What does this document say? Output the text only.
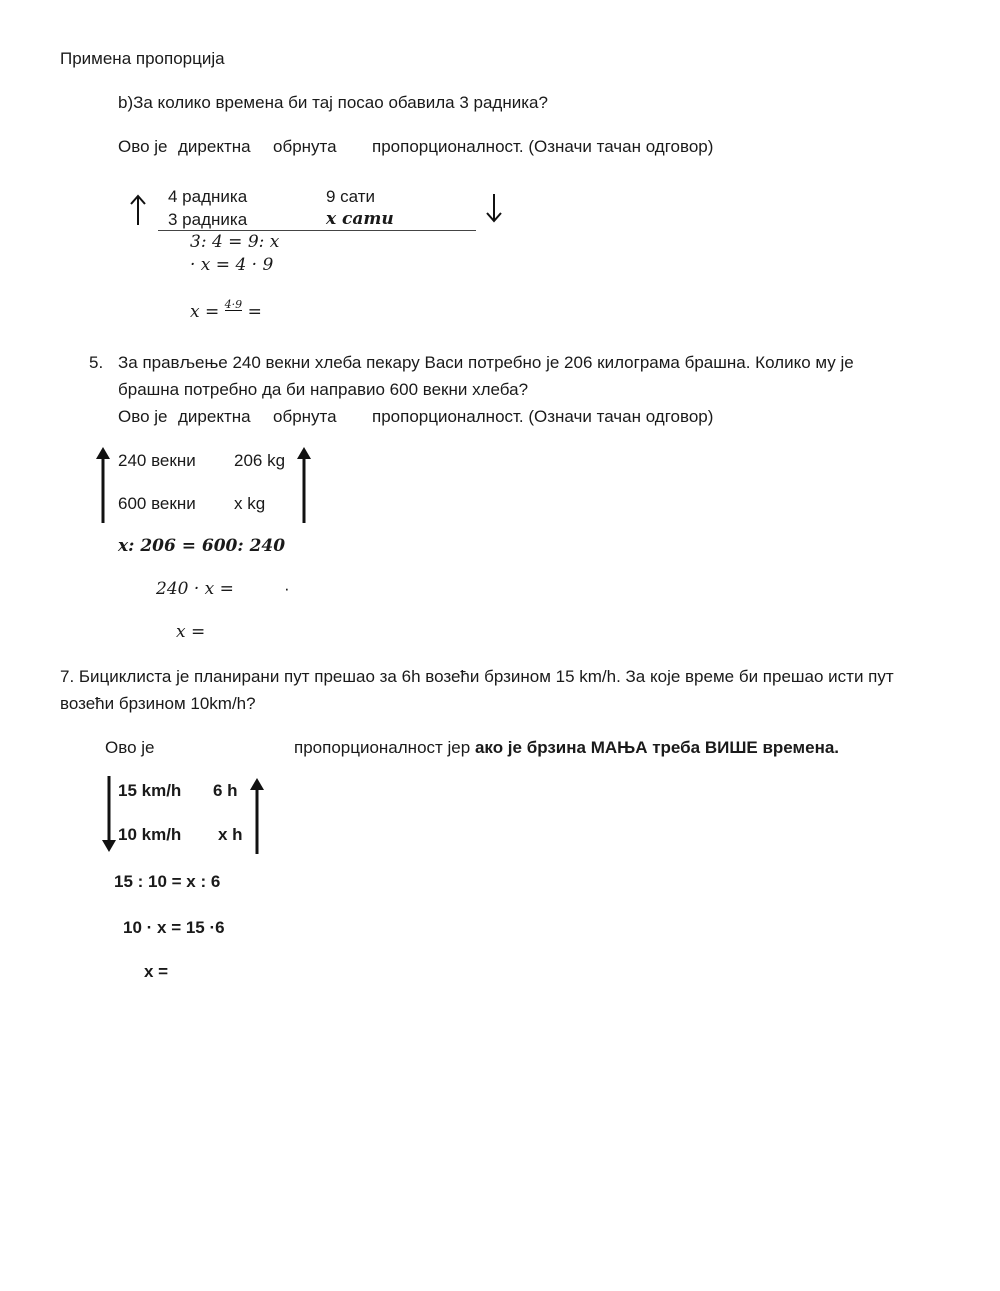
Примена пропорција
b)За колико времена би тај посао обавила 3 радника?
Ово је директна обрнута пропорционалност. (Означи тачан одговор)
4 радника	9 сати
3 радника	x сати
3: 4 = 9: x
· x = 4 · 9
x = 4·9 =
5. За прављење 240 векни хлеба пекару Васи потребно је 206 килограма брашна. Колико му је
брашна потребно да би направио 600 векни хлеба?
Ово је директна обрнута пропорционалност. (Означи тачан одговор)
240 векни 206 kg
600 векни x kg
x: 206 = 600: 240
240 · x =	·
x =
7. Бициклиста је планирани пут прешао за 6h возећи брзином 15 km/h. За које време би прешао исти пут
возећи брзином 10km/h?
Ово је	пропорционалност јер ако је брзина МАЊА треба ВИШЕ времена.
15 km/h 6 h
10 km/h x h
15 : 10 = x : 6
10 · x = 15 ·6
x =
